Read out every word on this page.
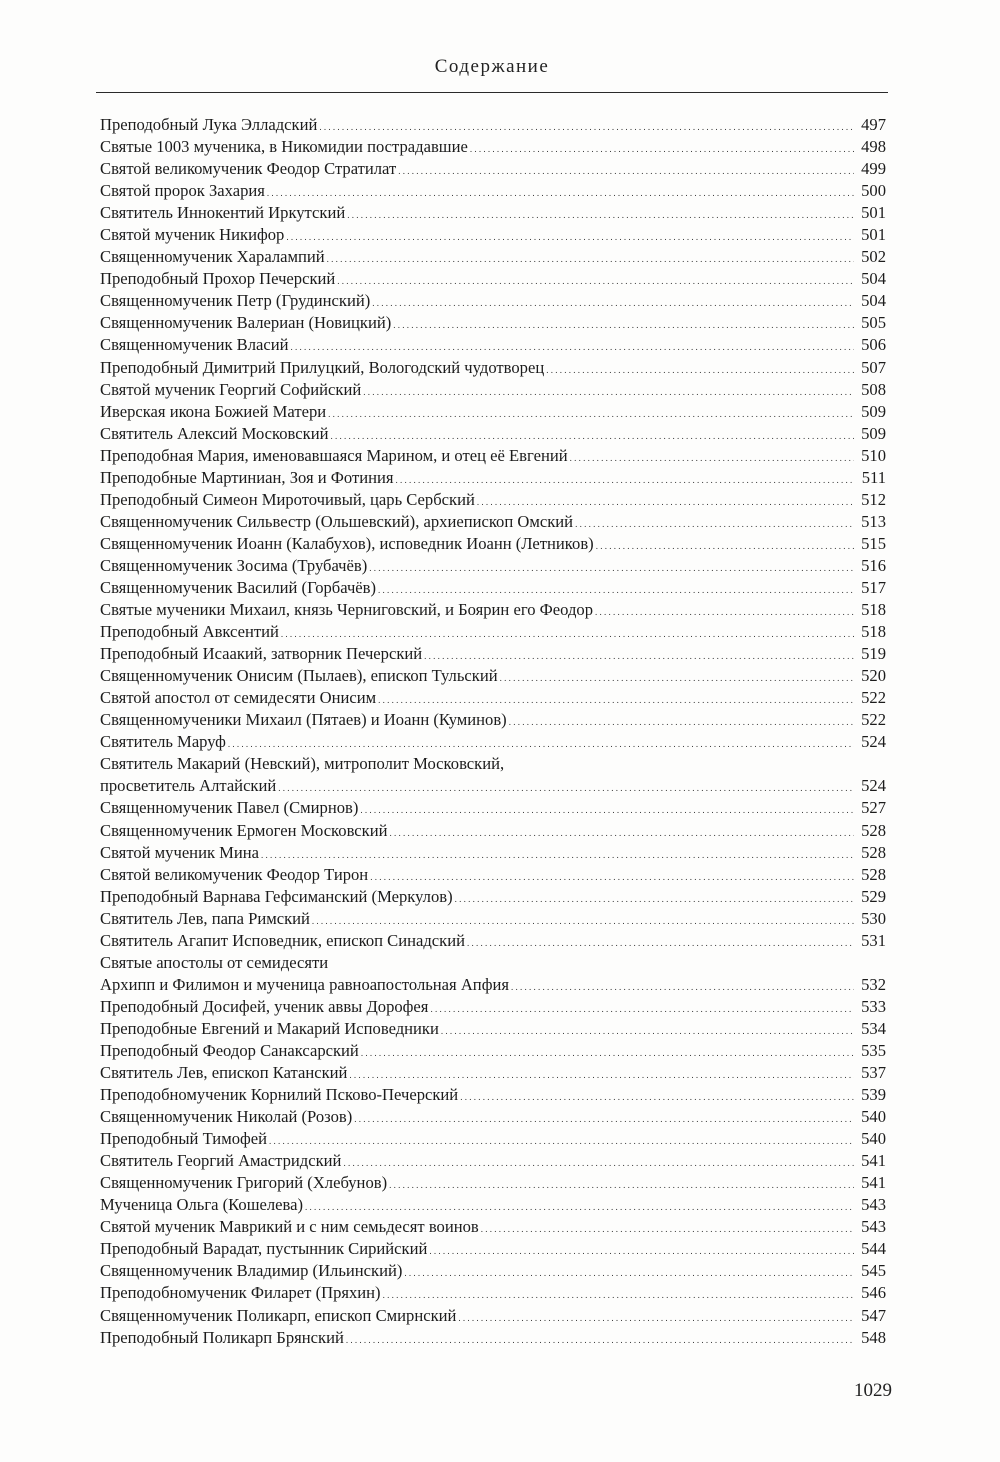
Содержание
Преподобный Лука Элладский . . .	497
Святые 1003 мученика, в Никомидии пострадавшие . . .	498
Святой великомученик Феодор Стратилат . . .	499
Святой пророк Захария . . .	500
Святитель Иннокентий Иркутский . . .	501
Святой мученик Никифор . . .	501
Священномученик Харалампий . . .	502
Преподобный Прохор Печерский . . .	504
Священномученик Петр (Грудинский) . . .	504
Священномученик Валериан (Новицкий) . . .	505
Священномученик Власий . . .	506
Преподобный Димитрий Прилуцкий, Вологодский чудотворец . . .	507
Святой мученик Георгий Софийский . . .	508
Иверская икона Божией Матери . . .	509
Святитель Алексий Московский . . .	509
Преподобная Мария, именовавшаяся Марином, и отец её Евгений . . .	510
Преподобные Мартиниан, Зоя и Фотиния . . .	511
Преподобный Симеон Мироточивый, царь Сербский . . .	512
Священномученик Сильвестр (Ольшевский), архиепископ Омский . . .	513
Священномученик Иоанн (Калабухов), исповедник Иоанн (Летников) . . .	515
Священномученик Зосима (Трубачёв) . . .	516
Священномученик Василий (Горбачёв) . . .	517
Святые мученики Михаил, князь Черниговский, и Боярин его Феодор . . .	518
Преподобный Авксентий . . .	518
Преподобный Исаакий, затворник Печерский . . .	519
Священномученик Онисим (Пылаев), епископ Тульский . . .	520
Святой апостол от семидесяти Онисим . . .	522
Священномученики Михаил (Пятаев) и Иоанн (Куминов) . . .	522
Святитель Маруф . . .	524
Святитель Макарий (Невский), митрополит Московский,
просветитель Алтайский . . .	524
Священномученик Павел (Смирнов) . . .	527
Священномученик Ермоген Московский . . .	528
Святой мученик Мина . . .	528
Святой великомученик Феодор Тирон . . .	528
Преподобный Варнава Гефсиманский (Меркулов) . . .	529
Святитель Лев, папа Римский . . .	530
Святитель Агапит Исповедник, епископ Синадский . . .	531
Святые апостолы от семидесяти
Архипп и Филимон и мученица равноапостольная Апфия . . .	532
Преподобный Досифей, ученик аввы Дорофея . . .	533
Преподобные Евгений и Макарий Исповедники . . .	534
Преподобный Феодор Санаксарский . . .	535
Святитель Лев, епископ Катанский . . .	537
Преподобномученик Корнилий Псково-Печерский . . .	539
Священномученик Николай (Розов) . . .	540
Преподобный Тимофей . . .	540
Святитель Георгий Амастридский . . .	541
Священномученик Григорий (Хлебунов) . . .	541
Мученица Ольга (Кошелева) . . .	543
Святой мученик Маврикий и с ним семьдесят воинов . . .	543
Преподобный Варадат, пустынник Сирийский . . .	544
Священномученик Владимир (Ильинский) . . .	545
Преподобномученик Филарет (Пряхин) . . .	546
Священномученик Поликарп, епископ Смирнский . . .	547
Преподобный Поликарп Брянский . . .	548
1029
